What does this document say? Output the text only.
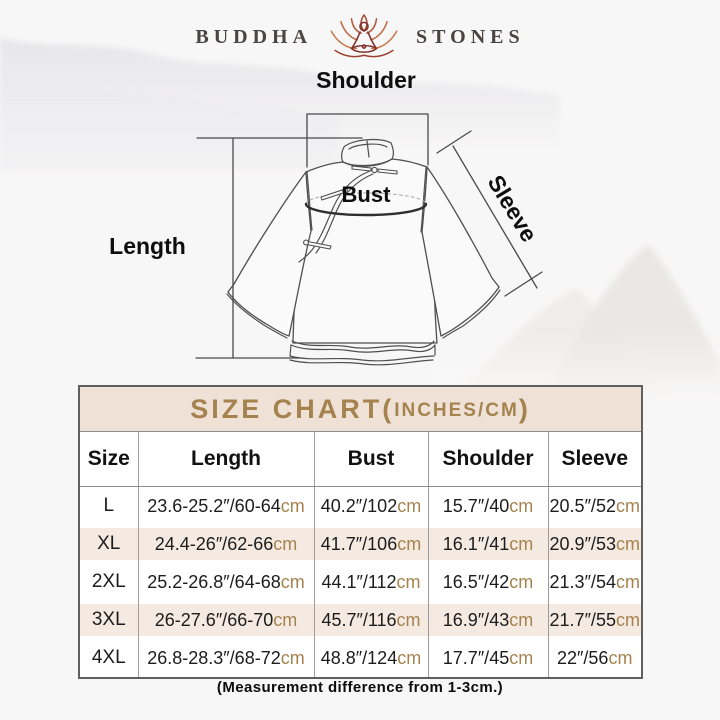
BUDDHA	STONES
Shoulder
Length
Bust	Sleeve
SIZE CHART ( INCHES/CM )
Size	Length	Bust	Shoulder	Sleeve
L	23.6-25.2″/60-64cm	40.2″/102cm	15.7″/40cm	20.5″/52cm
XL	24.4-26″/62-66cm	41.7″/106cm	16.1″/41cm	20.9″/53cm
2XL	25.2-26.8″/64-68cm	44.1″/112cm	16.5″/42cm	21.3″/54cm
3XL	26-27.6″/66-70cm	45.7″/116cm	16.9″/43cm	21.7″/55cm
4XL	26.8-28.3″/68-72cm	48.8″/124cm	17.7″/45cm	22″/56cm

(Measurement difference from 1-3cm.)
